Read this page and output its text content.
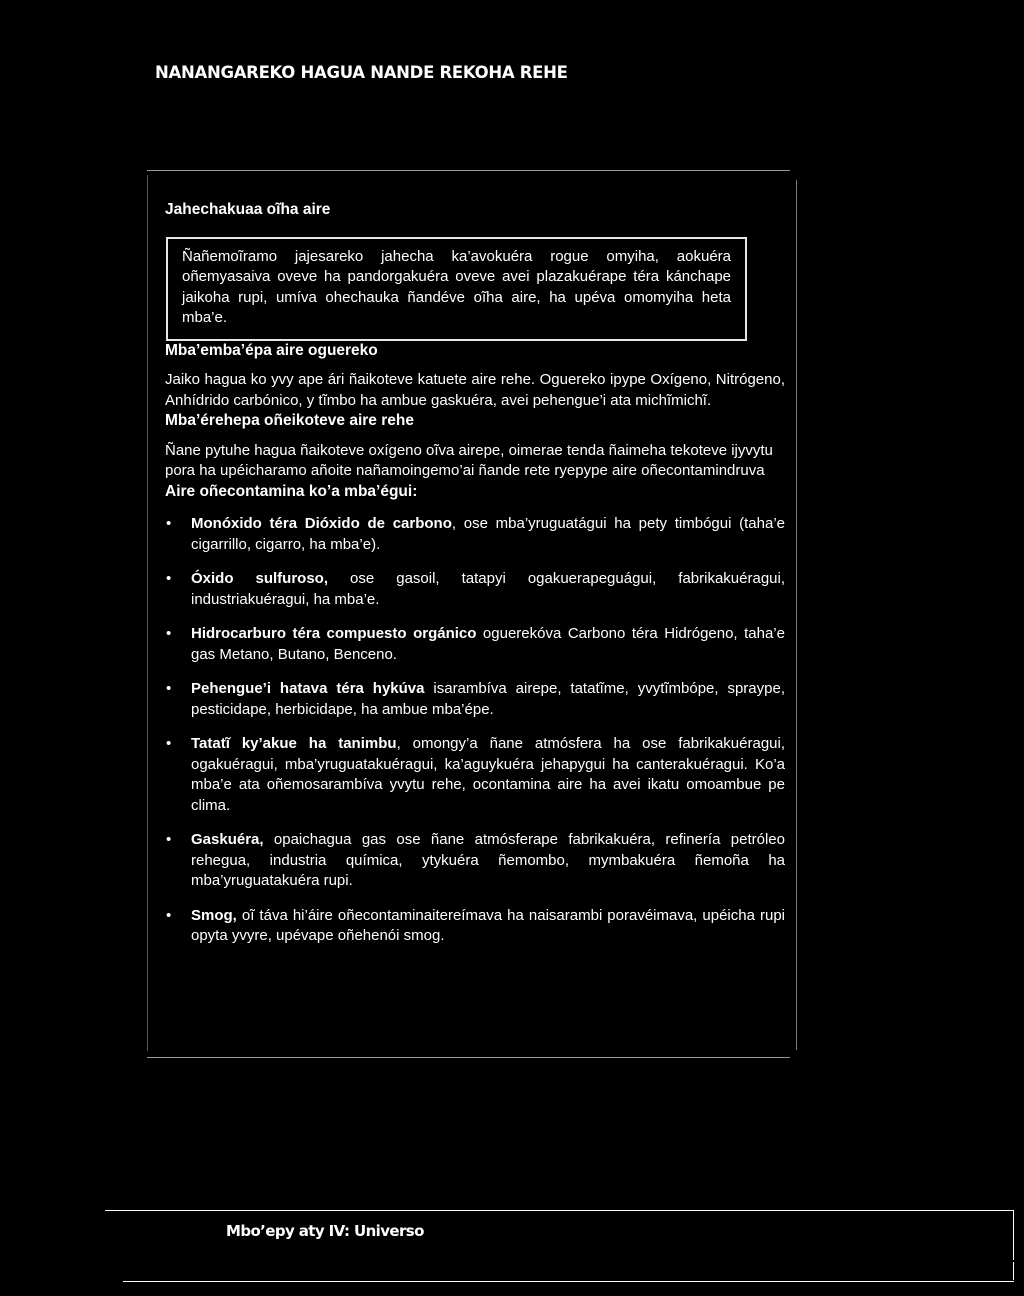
NANANGAREKO HAGUA NANDE REKOHA REHE
Jahechakuaa oĩha aire
Ñañemoĩramo jajesareko jahecha ka’avokuéra rogue omyiha, aokuéra oñemyasaiva oveve ha pandorgakuéra oveve avei plazakuérape téra kánchape jaikoha rupi, umíva ohechauka ñandéve oĩha aire, ha upéva omomyiha heta mba’e.
Mba’emba’épa aire oguereko

Jaiko hagua ko yvy ape ári ñaikoteve katuete aire rehe. Oguereko ipype Oxígeno, Nitrógeno, Anhídrido carbónico, y tĩmbo ha ambue gaskuéra, avei pehengue’i ata michĩmichĩ.

Mba’érehepa oñeikoteve aire rehe

Ñane pytuhe hagua ñaikoteve oxígeno oĩva airepe, oimerae tenda ñaimeha tekoteve ijyvytu pora ha upéicharamo añoite nañamoingemo’ai ñande rete ryepype aire oñecontamindruva

Aire oñecontamina ko’a mba’égui:
• Monóxido téra Dióxido de carbono, ose mba’yruguatágui ha pety timbógui (taha’e cigarrillo, cigarro, ha mba’e).
• Óxido sulfuroso, ose gasoil, tatapyi ogakuerapeguágui, fabrikakuéragui, industriakuéragui, ha mba’e.
• Hidrocarburo téra compuesto orgánico oguerekóva Carbono téra Hidrógeno, taha’e gas Metano, Butano, Benceno.
• Pehengue’i hatava téra hykúva isarambíva airepe, tatatĩme, yvytĩmbópe, spraype, pesticidape, herbicidape, ha ambue mba’épe.
• Tatatĩ ky’akue ha tanimbu, omongy’a ñane atmósfera ha ose fabrikakuéragui, ogakuéragui, mba’yruguatakuéragui, ka’aguykuéra jehapygui ha canterakuéragui. Ko’a mba’e ata oñemosarambíva yvytu rehe, ocontamina aire ha avei ikatu omoambue pe clima.
• Gaskuéra, opaichagua gas ose ñane atmósferape fabrikakuéra, refinería petróleo rehegua, industria química, ytykuéra ñemombo, mymbakuéra ñemoña ha mba’yruguatakuéra rupi.
• Smog, oĩ táva hi’áire oñecontaminaitereímava ha naisarambi poravéimava, upéicha rupi opyta yvyre, upévape oñehenói smog.
Mbo’epy aty IV: Universo
